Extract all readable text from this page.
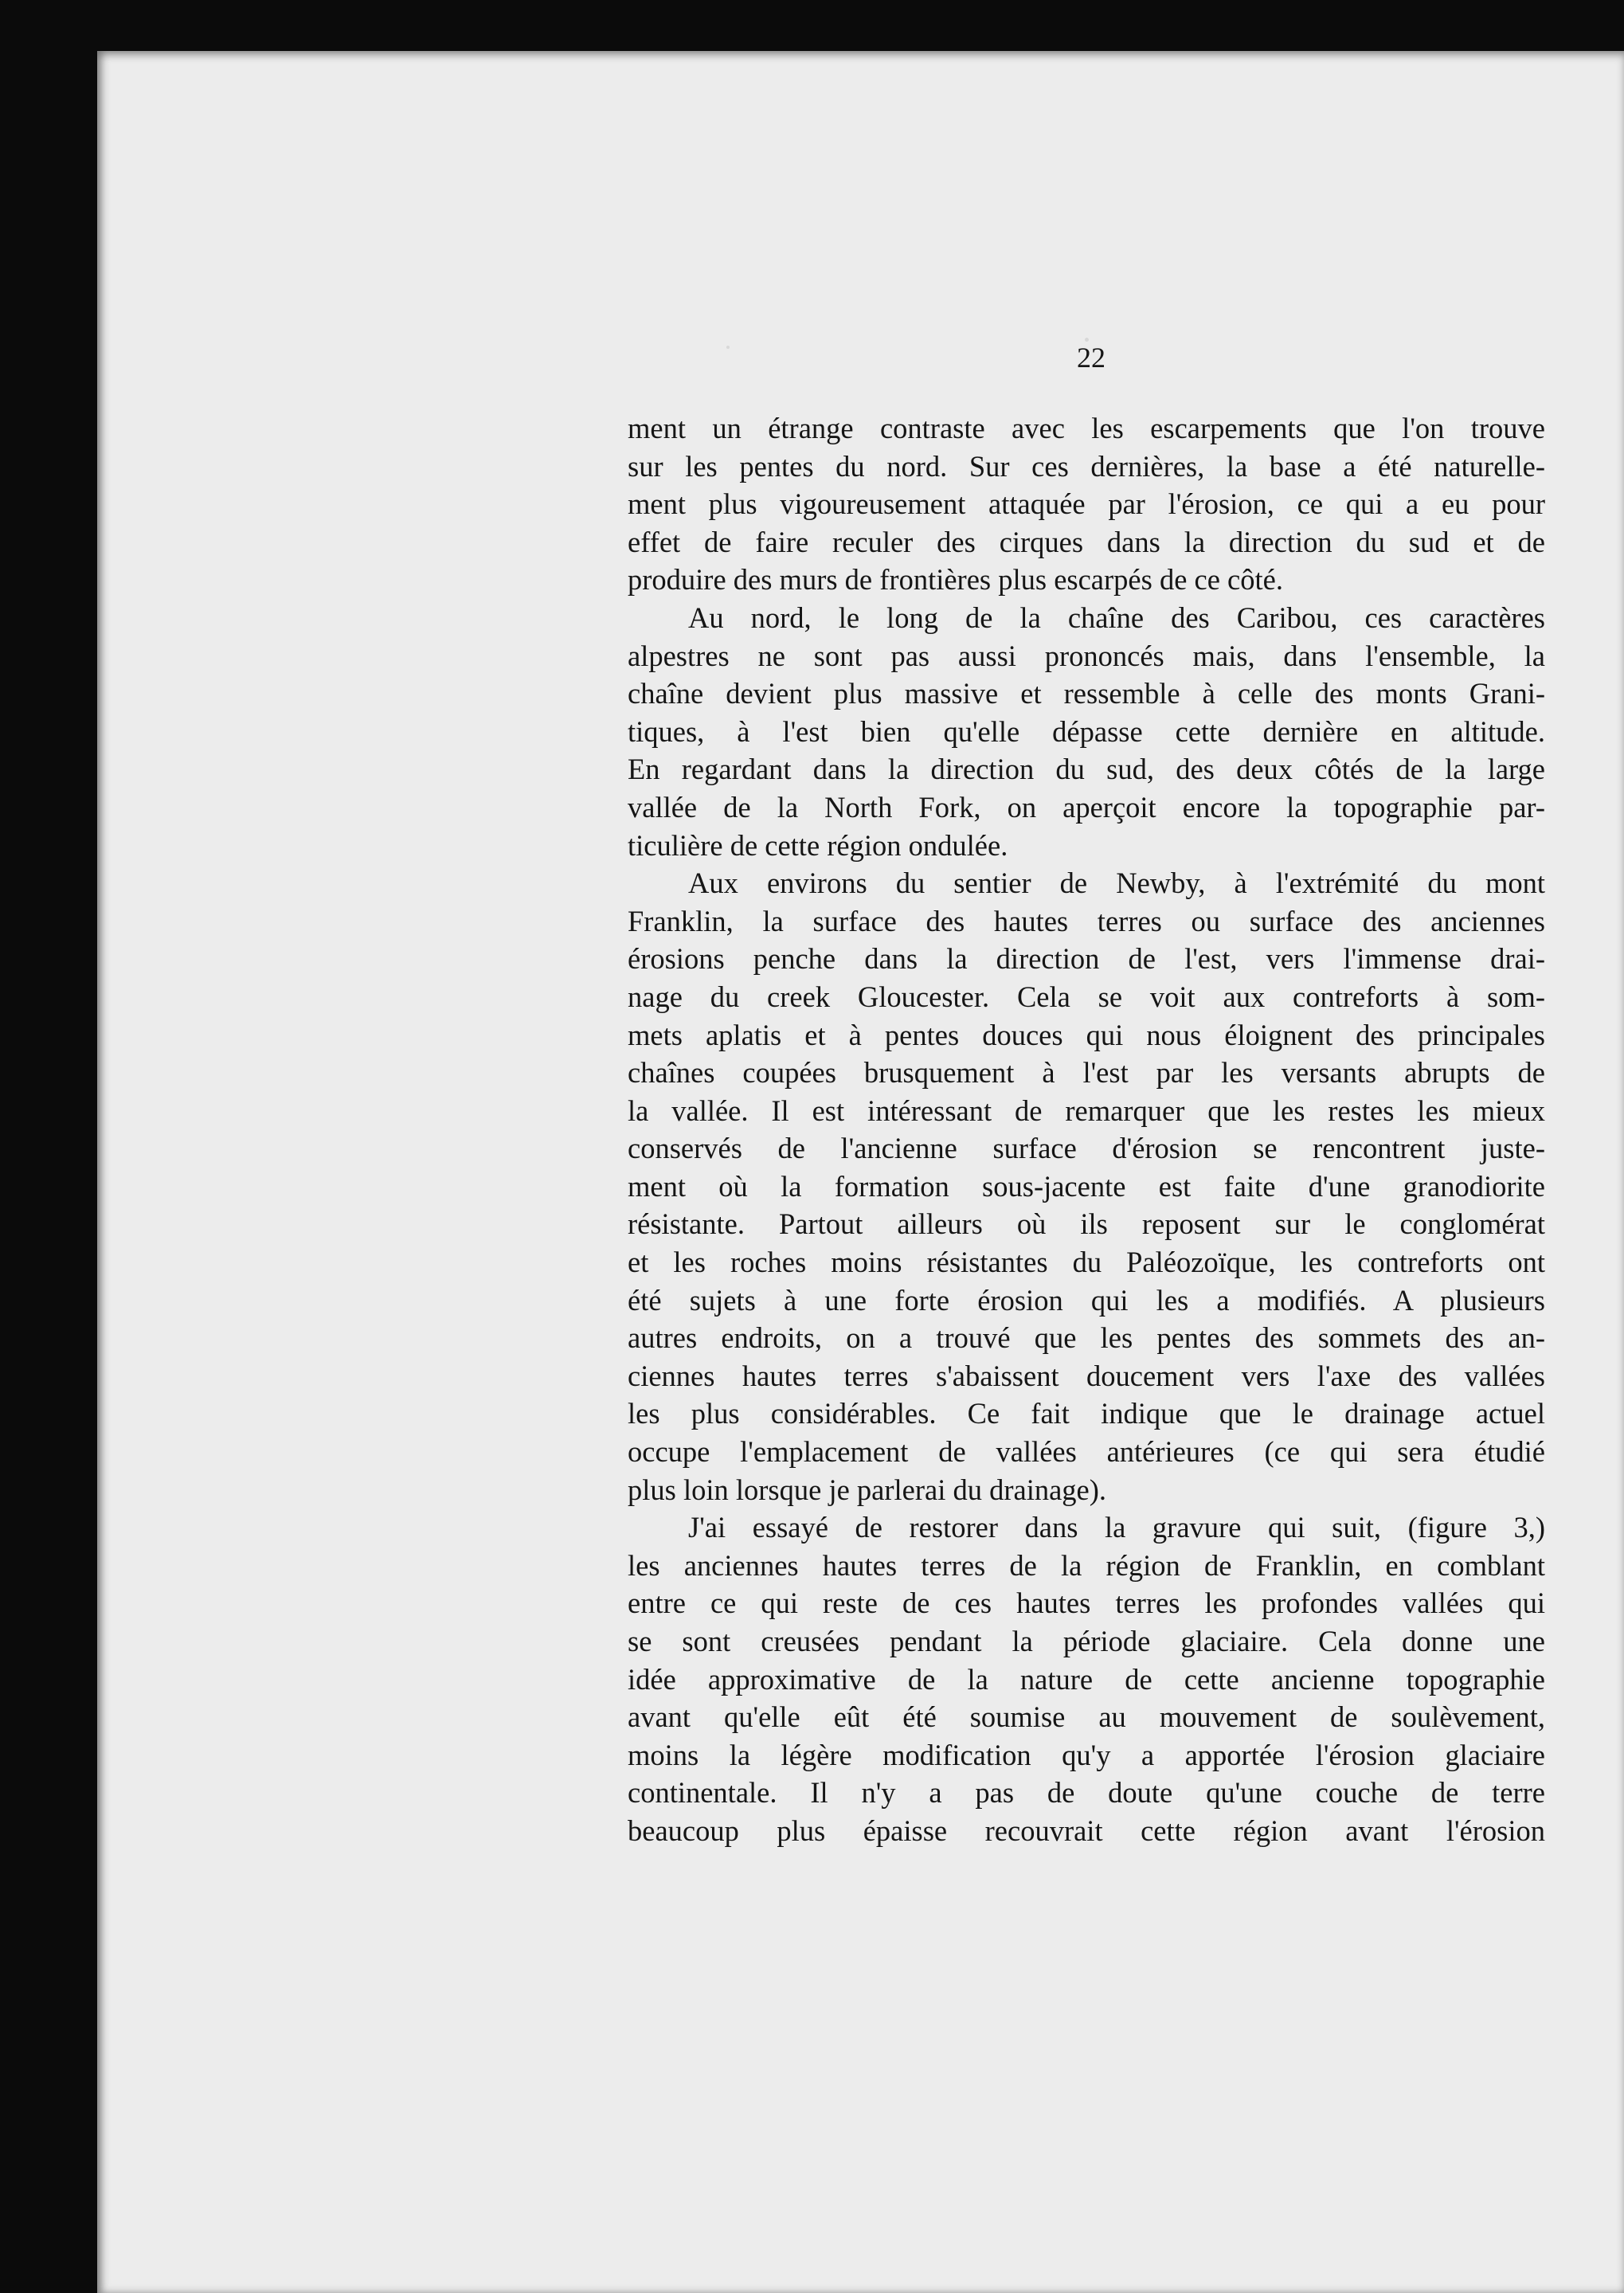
22

ment un étrange contraste avec les escarpements que l'on trouve

sur les pentes du nord. Sur ces dernières, la base a été naturelle-

ment plus vigoureusement attaquée par l'érosion, ce qui a eu pour

effet de faire reculer des cirques dans la direction du sud et de

produire des murs de frontières plus escarpés de ce côté.

Au nord, le long de la chaîne des Caribou, ces caractères

alpestres ne sont pas aussi prononcés mais, dans l'ensemble, la

chaîne devient plus massive et ressemble à celle des monts Grani-

tiques, à l'est bien qu'elle dépasse cette dernière en altitude.

En regardant dans la direction du sud, des deux côtés de la large

vallée de la North Fork, on aperçoit encore la topographie par-

ticulière de cette région ondulée.

Aux environs du sentier de Newby, à l'extrémité du mont

Franklin, la surface des hautes terres ou surface des anciennes

érosions penche dans la direction de l'est, vers l'immense drai-

nage du creek Gloucester. Cela se voit aux contreforts à som-

mets aplatis et à pentes douces qui nous éloignent des principales

chaînes coupées brusquement à l'est par les versants abrupts de

la vallée. Il est intéressant de remarquer que les restes les mieux

conservés de l'ancienne surface d'érosion se rencontrent juste-

ment où la formation sous-jacente est faite d'une granodiorite

résistante. Partout ailleurs où ils reposent sur le conglomérat

et les roches moins résistantes du Paléozoïque, les contreforts ont

été sujets à une forte érosion qui les a modifiés. A plusieurs

autres endroits, on a trouvé que les pentes des sommets des an-

ciennes hautes terres s'abaissent doucement vers l'axe des vallées

les plus considérables. Ce fait indique que le drainage actuel

occupe l'emplacement de vallées antérieures (ce qui sera étudié

plus loin lorsque je parlerai du drainage).

J'ai essayé de restorer dans la gravure qui suit, (figure 3,)

les anciennes hautes terres de la région de Franklin, en comblant

entre ce qui reste de ces hautes terres les profondes vallées qui

se sont creusées pendant la période glaciaire. Cela donne une

idée approximative de la nature de cette ancienne topographie

avant qu'elle eût été soumise au mouvement de soulèvement,

moins la légère modification qu'y a apportée l'érosion glaciaire

continentale. Il n'y a pas de doute qu'une couche de terre

beaucoup plus épaisse recouvrait cette région avant l'érosion
